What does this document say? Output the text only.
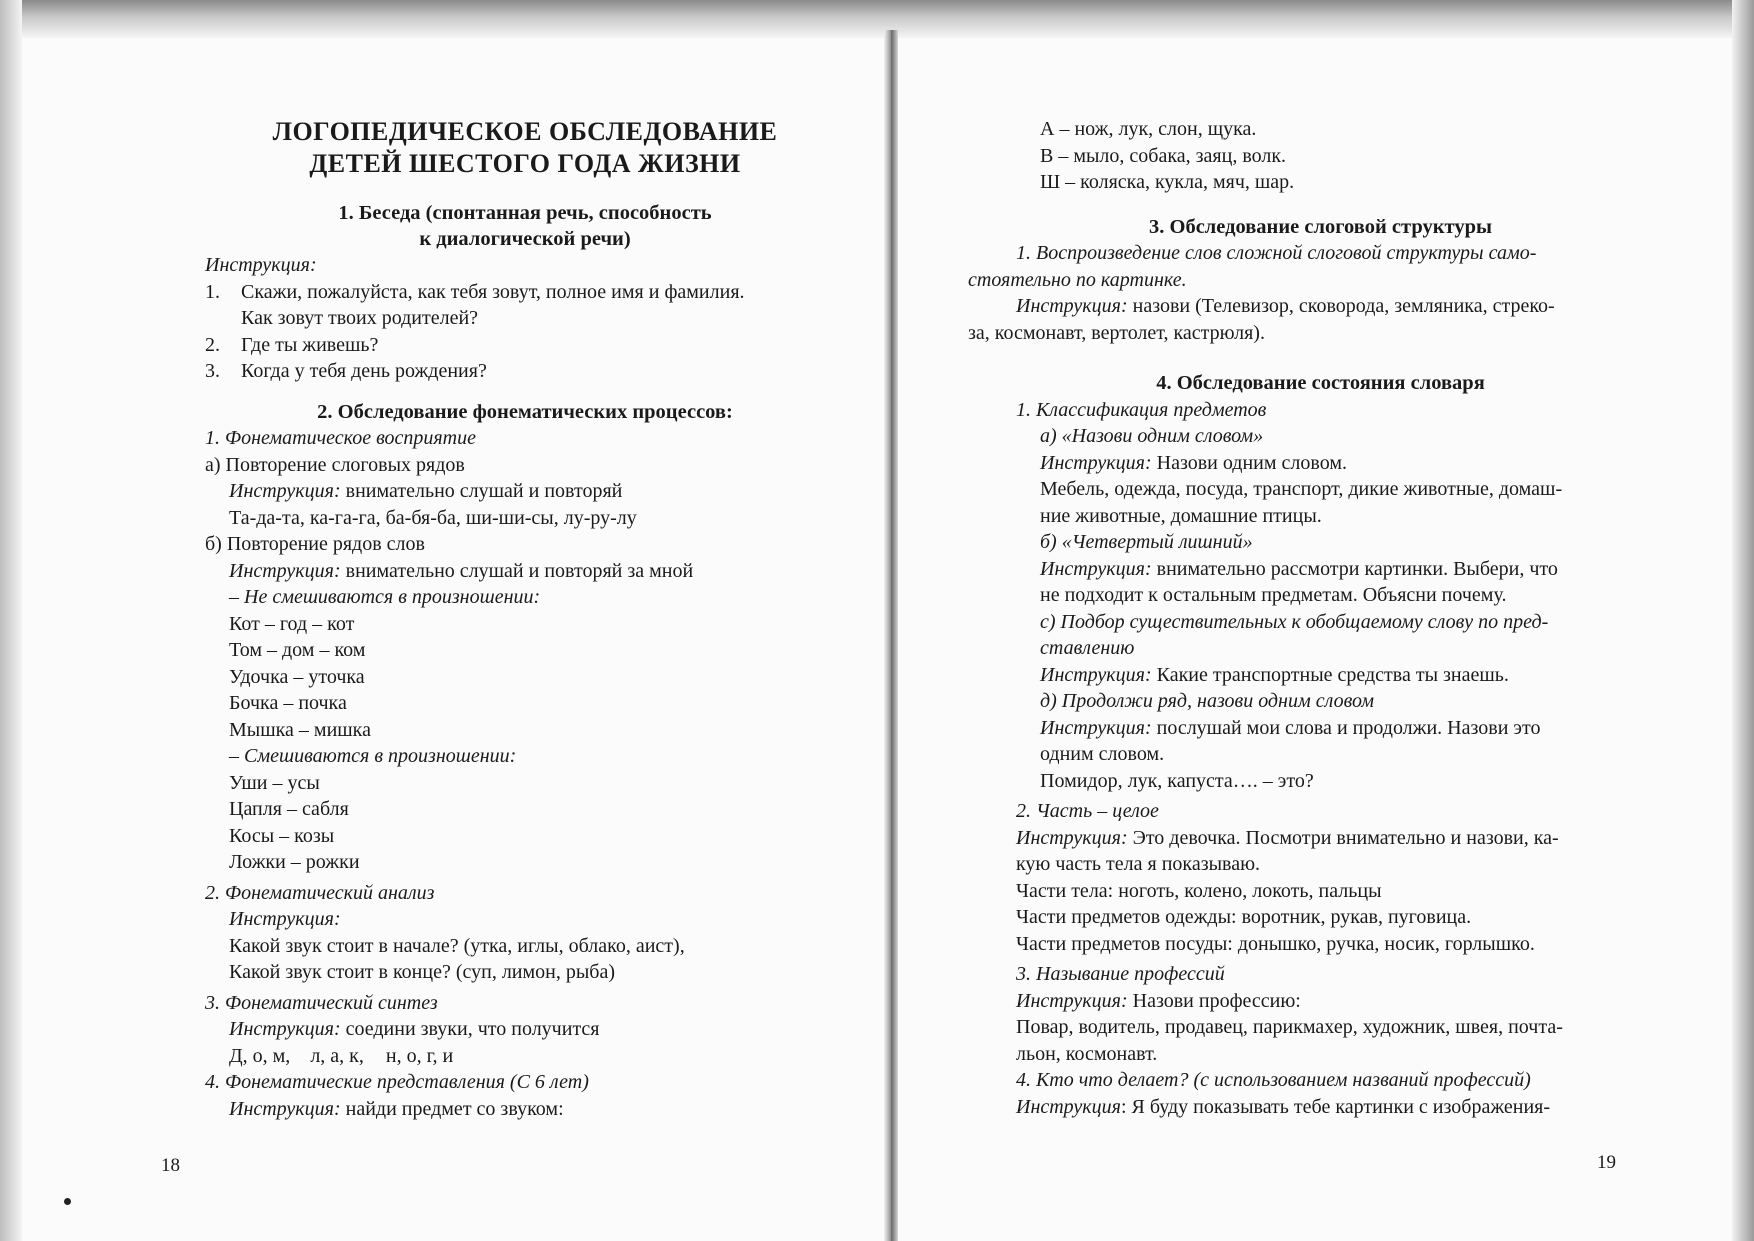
ЛОГОПЕДИЧЕСКОЕ ОБСЛЕДОВАНИЕ
ДЕТЕЙ ШЕСТОГО ГОДА ЖИЗНИ
1. Беседа (спонтанная речь, способность
к диалогической речи)
Инструкция:
1. Скажи, пожалуйста, как тебя зовут, полное имя и фамилия.
Как зовут твоих родителей?
2. Где ты живешь?
3. Когда у тебя день рождения?
2. Обследование фонематических процессов:
1. Фонематическое восприятие
а) Повторение слоговых рядов
Инструкция: внимательно слушай и повторяй
Та-да-та, ка-га-га, ба-бя-ба, ши-ши-сы, лу-ру-лу
б) Повторение рядов слов
Инструкция: внимательно слушай и повторяй за мной
– Не смешиваются в произношении:
Кот – год – кот
Том – дом – ком
Удочка – уточка
Бочка – почка
Мышка – мишка
– Смешиваются в произношении:
Уши – усы
Цапля – сабля
Косы – козы
Ложки – рожки
2. Фонематический анализ
Инструкция:
Какой звук стоит в начале? (утка, иглы, облако, аист),
Какой звук стоит в конце? (суп, лимон, рыба)
3. Фонематический синтез
Инструкция: соедини звуки, что получится
Д, о, м, л, а, к, н, о, г, и
4. Фонематические представления (С 6 лет)
Инструкция: найди предмет со звуком:
18
А – нож, лук, слон, щука.
В – мыло, собака, заяц, волк.
Ш – коляска, кукла, мяч, шар.
3. Обследование слоговой структуры
1. Воспроизведение слов сложной слоговой структуры само-
стоятельно по картинке.
Инструкция: назови (Телевизор, сковорода, земляника, стреко-
за, космонавт, вертолет, кастрюля).
4. Обследование состояния словаря
1. Классификация предметов
а) «Назови одним словом»
Инструкция: Назови одним словом.
Мебель, одежда, посуда, транспорт, дикие животные, домаш-
ние животные, домашние птицы.
б) «Четвертый лишний»
Инструкция: внимательно рассмотри картинки. Выбери, что
не подходит к остальным предметам. Объясни почему.
с) Подбор существительных к обобщаемому слову по пред-
ставлению
Инструкция: Какие транспортные средства ты знаешь.
д) Продолжи ряд, назови одним словом
Инструкция: послушай мои слова и продолжи. Назови это
одним словом.
Помидор, лук, капуста…. – это?
2. Часть – целое
Инструкция: Это девочка. Посмотри внимательно и назови, ка-
кую часть тела я показываю.
Части тела: ноготь, колено, локоть, пальцы
Части предметов одежды: воротник, рукав, пуговица.
Части предметов посуды: донышко, ручка, носик, горлышко.
3. Называние профессий
Инструкция: Назови профессию:
Повар, водитель, продавец, парикмахер, художник, швея, почта-
льон, космонавт.
4. Кто что делает? (с использованием названий профессий)
Инструкция: Я буду показывать тебе картинки с изображения-
19
